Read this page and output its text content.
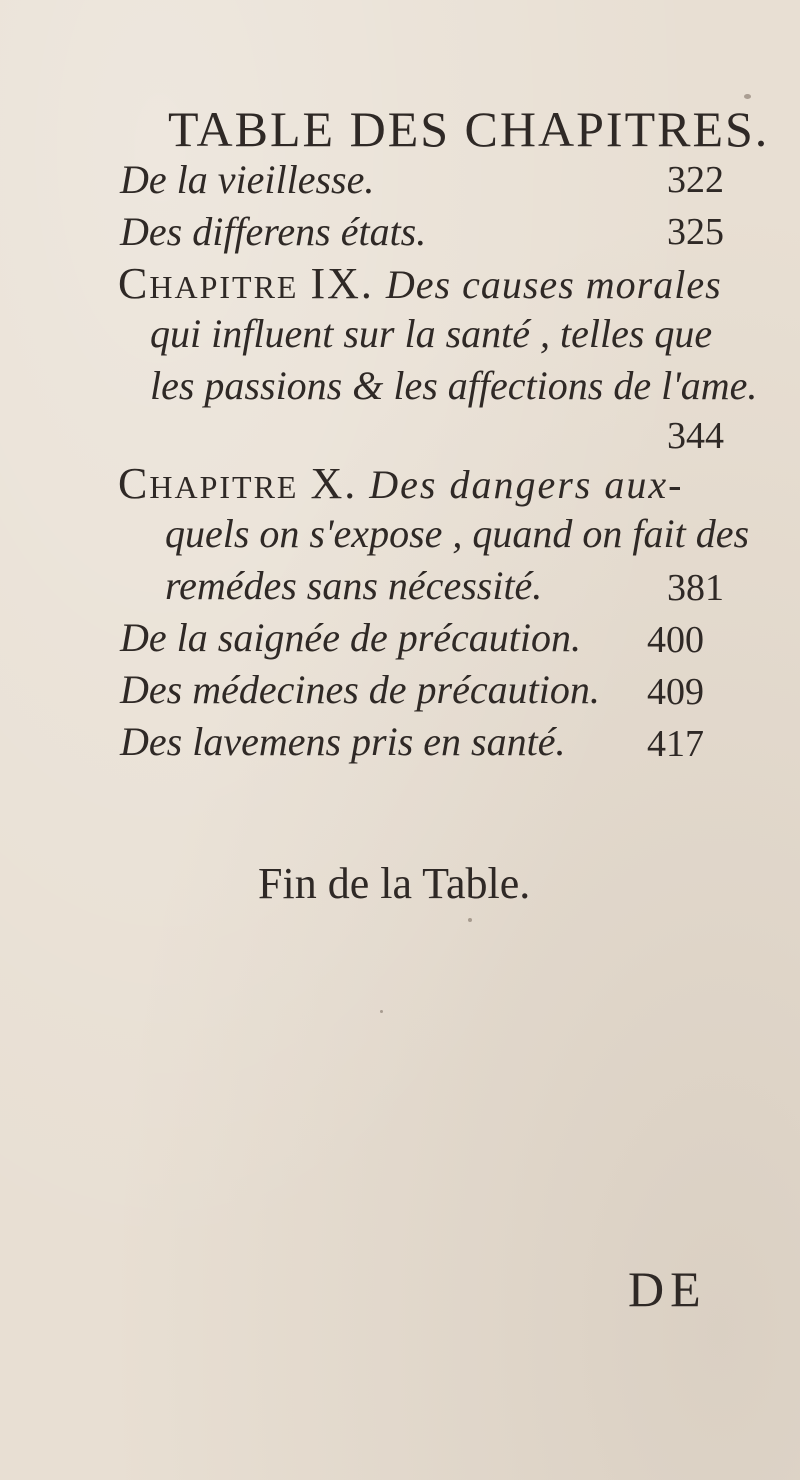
TABLE DES CHAPITRES.
De la vieillesse.	322
Des differens états.	325
CHAPITRE IX. Des causes morales
qui influent sur la santé , telles que
les passions & les affections de l'ame.
344
CHAPITRE X. Des dangers aux-
quels on s'expose , quand on fait des
remédes sans nécessité.	381
De la saignée de précaution.	400
Des médecines de précaution.	409
Des lavemens pris en santé.	417
Fin de la Table.
DE
